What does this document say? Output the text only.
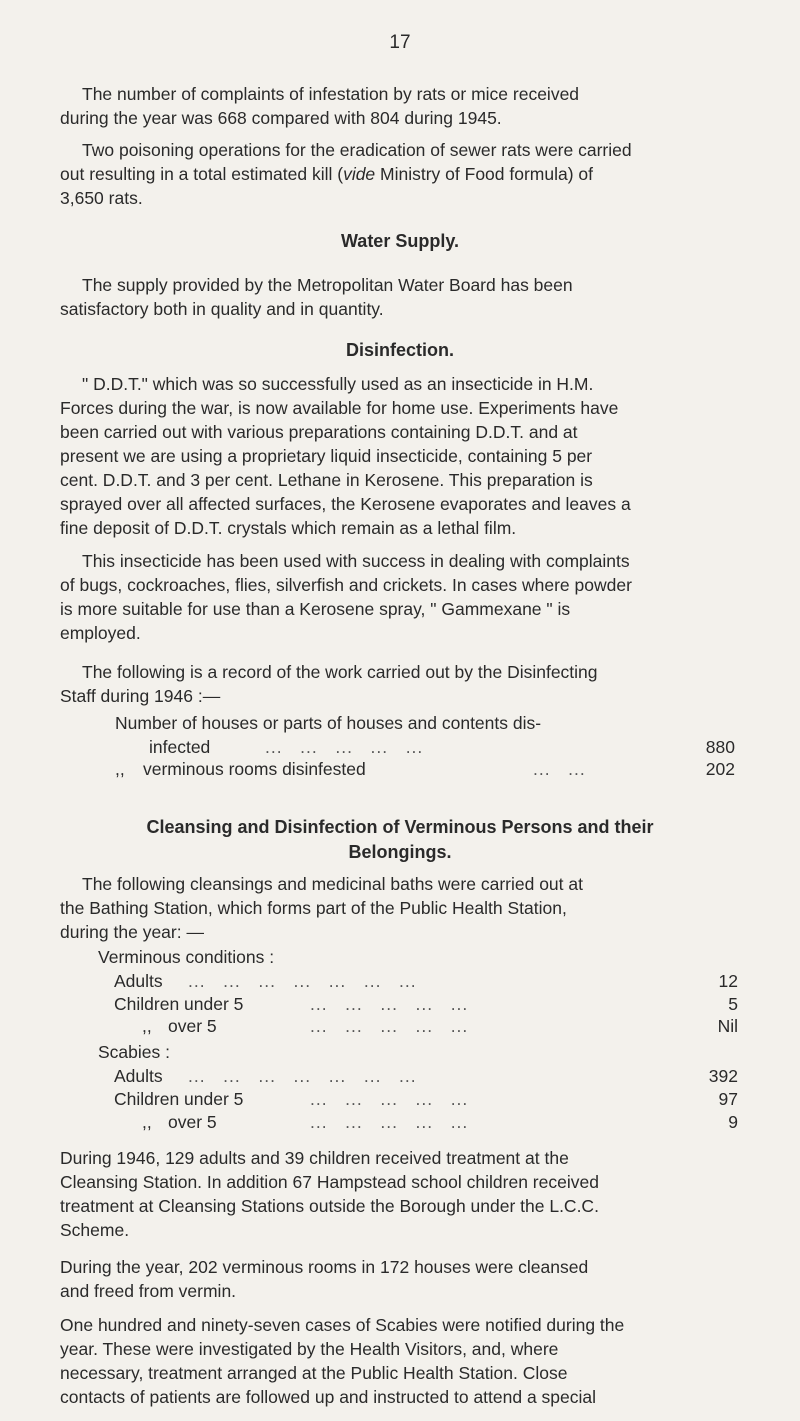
17

The number of complaints of infestation by rats or mice received
during the year was 668 compared with 804 during 1945.

Two poisoning operations for the eradication of sewer rats were carried
out resulting in a total estimated kill (vide Ministry of Food formula) of
3,650 rats.

Water Supply.

The supply provided by the Metropolitan Water Board has been
satisfactory both in quality and in quantity.

Disinfection.

" D.D.T." which was so successfully used as an insecticide in H.M.
Forces during the war, is now available for home use. Experiments have
been carried out with various preparations containing D.D.T. and at
present we are using a proprietary liquid insecticide, containing 5 per
cent. D.D.T. and 3 per cent. Lethane in Kerosene. This preparation is
sprayed over all affected surfaces, the Kerosene evaporates and leaves a
fine deposit of D.D.T. crystals which remain as a lethal film.

This insecticide has been used with success in dealing with complaints
of bugs, cockroaches, flies, silverfish and crickets. In cases where powder
is more suitable for use than a Kerosene spray, " Gammexane " is
employed.

The following is a record of the work carried out by the Disinfecting
Staff during 1946 :—

Number of houses or parts of houses and contents dis-
infected	...   ...   ...   ...   ...	880
,, verminous rooms disinfested	...   ...	202
Cleansing and Disinfection of Verminous Persons and their
Belongings.

The following cleansings and medicinal baths were carried out at
the Bathing Station, which forms part of the Public Health Station,
during the year: —

Verminous conditions :
Adults ...   ...   ...   ...   ...   ...   ...	12
Children under 5	...   ...   ...   ...   ...	5
,, over 5	...   ...   ...   ...   ...	Nil
Scabies :
Adults ...   ...   ...   ...   ...   ...   ...	392
Children under 5	...   ...   ...   ...   ...	97
,, over 5	...   ...   ...   ...   ...	9

During 1946, 129 adults and 39 children received treatment at the
Cleansing Station. In addition 67 Hampstead school children received
treatment at Cleansing Stations outside the Borough under the L.C.C.
Scheme.

During the year, 202 verminous rooms in 172 houses were cleansed
and freed from vermin.

One hundred and ninety-seven cases of Scabies were notified during the
year. These were investigated by the Health Visitors, and, where
necessary, treatment arranged at the Public Health Station. Close
contacts of patients are followed up and instructed to attend a special
